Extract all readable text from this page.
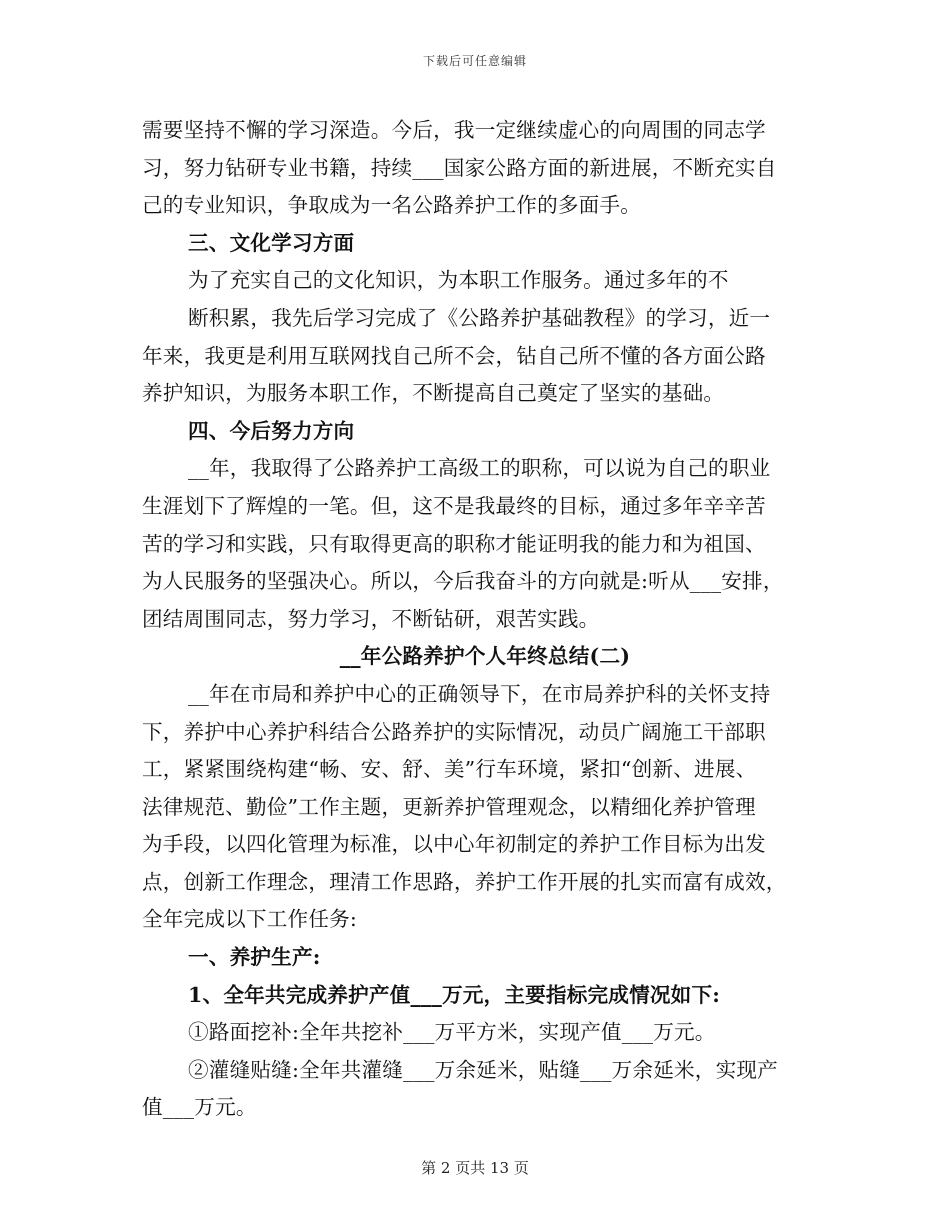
下载后可任意编辑
需要坚持不懈的学习深造。今后，我一定继续虚心的向周围的同志学
习，努力钻研专业书籍，持续___国家公路方面的新进展，不断充实自
己的专业知识，争取成为一名公路养护工作的多面手。
三、文化学习方面
为了充实自己的文化知识，为本职工作服务。通过多年的不
断积累，我先后学习完成了《公路养护基础教程》的学习，近一
年来，我更是利用互联网找自己所不会，钻自己所不懂的各方面公路
养护知识，为服务本职工作，不断提高自己奠定了坚实的基础。
四、今后努力方向
__年，我取得了公路养护工高级工的职称，可以说为自己的职业
生涯划下了辉煌的一笔。但，这不是我最终的目标，通过多年辛辛苦
苦的学习和实践，只有取得更高的职称才能证明我的能力和为祖国、
为人民服务的坚强决心。所以，今后我奋斗的方向就是:听从___安排，
团结周围同志，努力学习，不断钻研，艰苦实践。
__年公路养护个人年终总结(二)
__年在市局和养护中心的正确领导下，在市局养护科的关怀支持
下，养护中心养护科结合公路养护的实际情况，动员广阔施工干部职
工，紧紧围绕构建“畅、安、舒、美”行车环境，紧扣“创新、进展、
法律规范、勤俭”工作主题，更新养护管理观念，以精细化养护管理
为手段，以四化管理为标准，以中心年初制定的养护工作目标为出发
点，创新工作理念，理清工作思路，养护工作开展的扎实而富有成效，
全年完成以下工作任务:
一、养护生产:
1、全年共完成养护产值___万元，主要指标完成情况如下:
①路面挖补:全年共挖补___万平方米，实现产值___万元。
②灌缝贴缝:全年共灌缝___万余延米，贴缝___万余延米，实现产
值___万元。
第 2 页共 13 页
